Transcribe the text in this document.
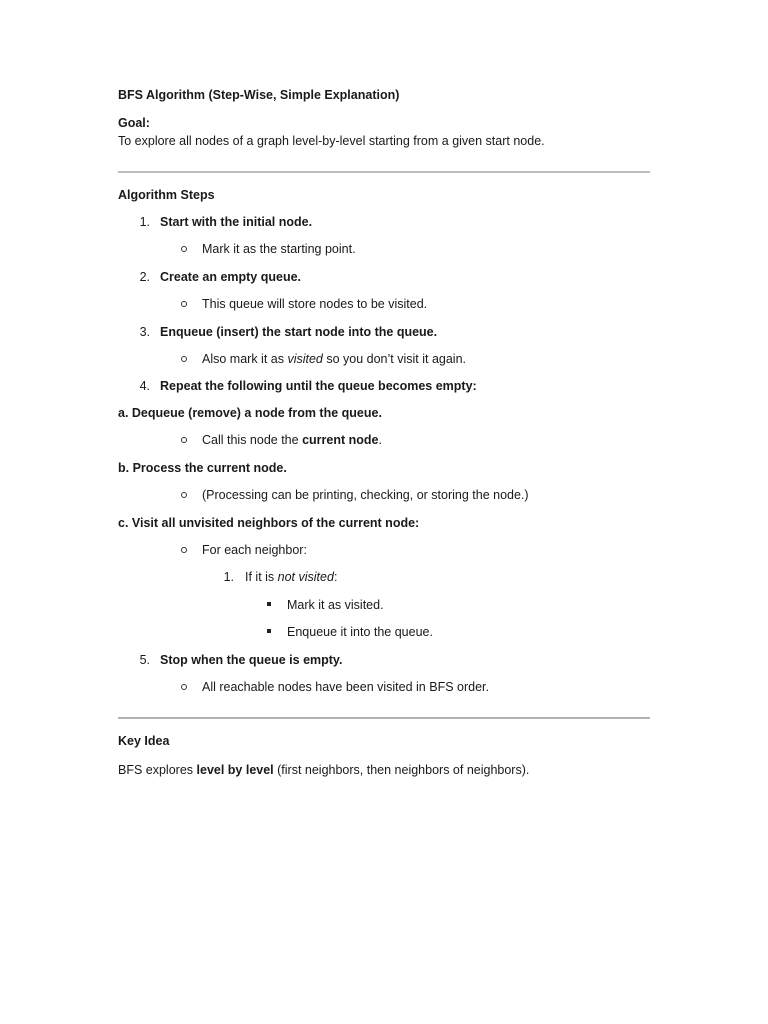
BFS Algorithm (Step-Wise, Simple Explanation)
Goal:
To explore all nodes of a graph level-by-level starting from a given start node.
Algorithm Steps
1. Start with the initial node.
Mark it as the starting point.
2. Create an empty queue.
This queue will store nodes to be visited.
3. Enqueue (insert) the start node into the queue.
Also mark it as visited so you don’t visit it again.
4. Repeat the following until the queue becomes empty:
a. Dequeue (remove) a node from the queue.
Call this node the current node.
b. Process the current node.
(Processing can be printing, checking, or storing the node.)
c. Visit all unvisited neighbors of the current node:
For each neighbor:
1. If it is not visited:
Mark it as visited.
Enqueue it into the queue.
5. Stop when the queue is empty.
All reachable nodes have been visited in BFS order.
Key Idea
BFS explores level by level (first neighbors, then neighbors of neighbors).
